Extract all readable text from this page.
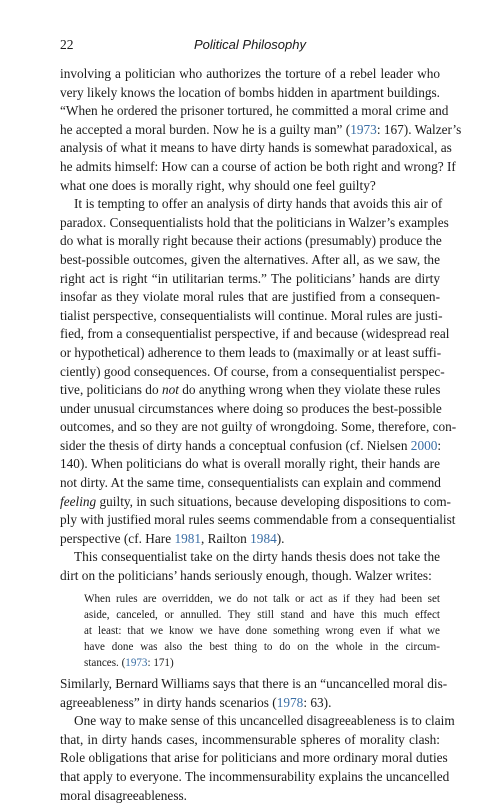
22	Political Philosophy
involving a politician who authorizes the torture of a rebel leader who
very likely knows the location of bombs hidden in apartment buildings.
“When he ordered the prisoner tortured, he committed a moral crime and
he accepted a moral burden. Now he is a guilty man” (1973: 167). Walzer’s
analysis of what it means to have dirty hands is somewhat paradoxical, as
he admits himself: How can a course of action be both right and wrong? If
what one does is morally right, why should one feel guilty?
It is tempting to offer an analysis of dirty hands that avoids this air of
paradox. Consequentialists hold that the politicians in Walzer’s examples
do what is morally right because their actions (presumably) produce the
best-possible outcomes, given the alternatives. After all, as we saw, the
right act is right “in utilitarian terms.” The politicians’ hands are dirty
insofar as they violate moral rules that are justified from a consequen-
tialist perspective, consequentialists will continue. Moral rules are justi-
fied, from a consequentialist perspective, if and because (widespread real
or hypothetical) adherence to them leads to (maximally or at least suffi-
ciently) good consequences. Of course, from a consequentialist perspec-
tive, politicians do not do anything wrong when they violate these rules
under unusual circumstances where doing so produces the best-possible
outcomes, and so they are not guilty of wrongdoing. Some, therefore, con-
sider the thesis of dirty hands a conceptual confusion (cf. Nielsen 2000:
140). When politicians do what is overall morally right, their hands are
not dirty. At the same time, consequentialists can explain and commend
feeling guilty, in such situations, because developing dispositions to com-
ply with justified moral rules seems commendable from a consequentialist
perspective (cf. Hare 1981, Railton 1984).
This consequentialist take on the dirty hands thesis does not take the
dirt on the politicians’ hands seriously enough, though. Walzer writes:
When rules are overridden, we do not talk or act as if they had been set
aside, canceled, or annulled. They still stand and have this much effect
at least: that we know we have done something wrong even if what we
have done was also the best thing to do on the whole in the circum-
stances. (1973: 171)
Similarly, Bernard Williams says that there is an “uncancelled moral dis-
agreeableness” in dirty hands scenarios (1978: 63).
One way to make sense of this uncancelled disagreeableness is to claim
that, in dirty hands cases, incommensurable spheres of morality clash:
Role obligations that arise for politicians and more ordinary moral duties
that apply to everyone. The incommensurability explains the uncancelled
moral disagreeableness.
